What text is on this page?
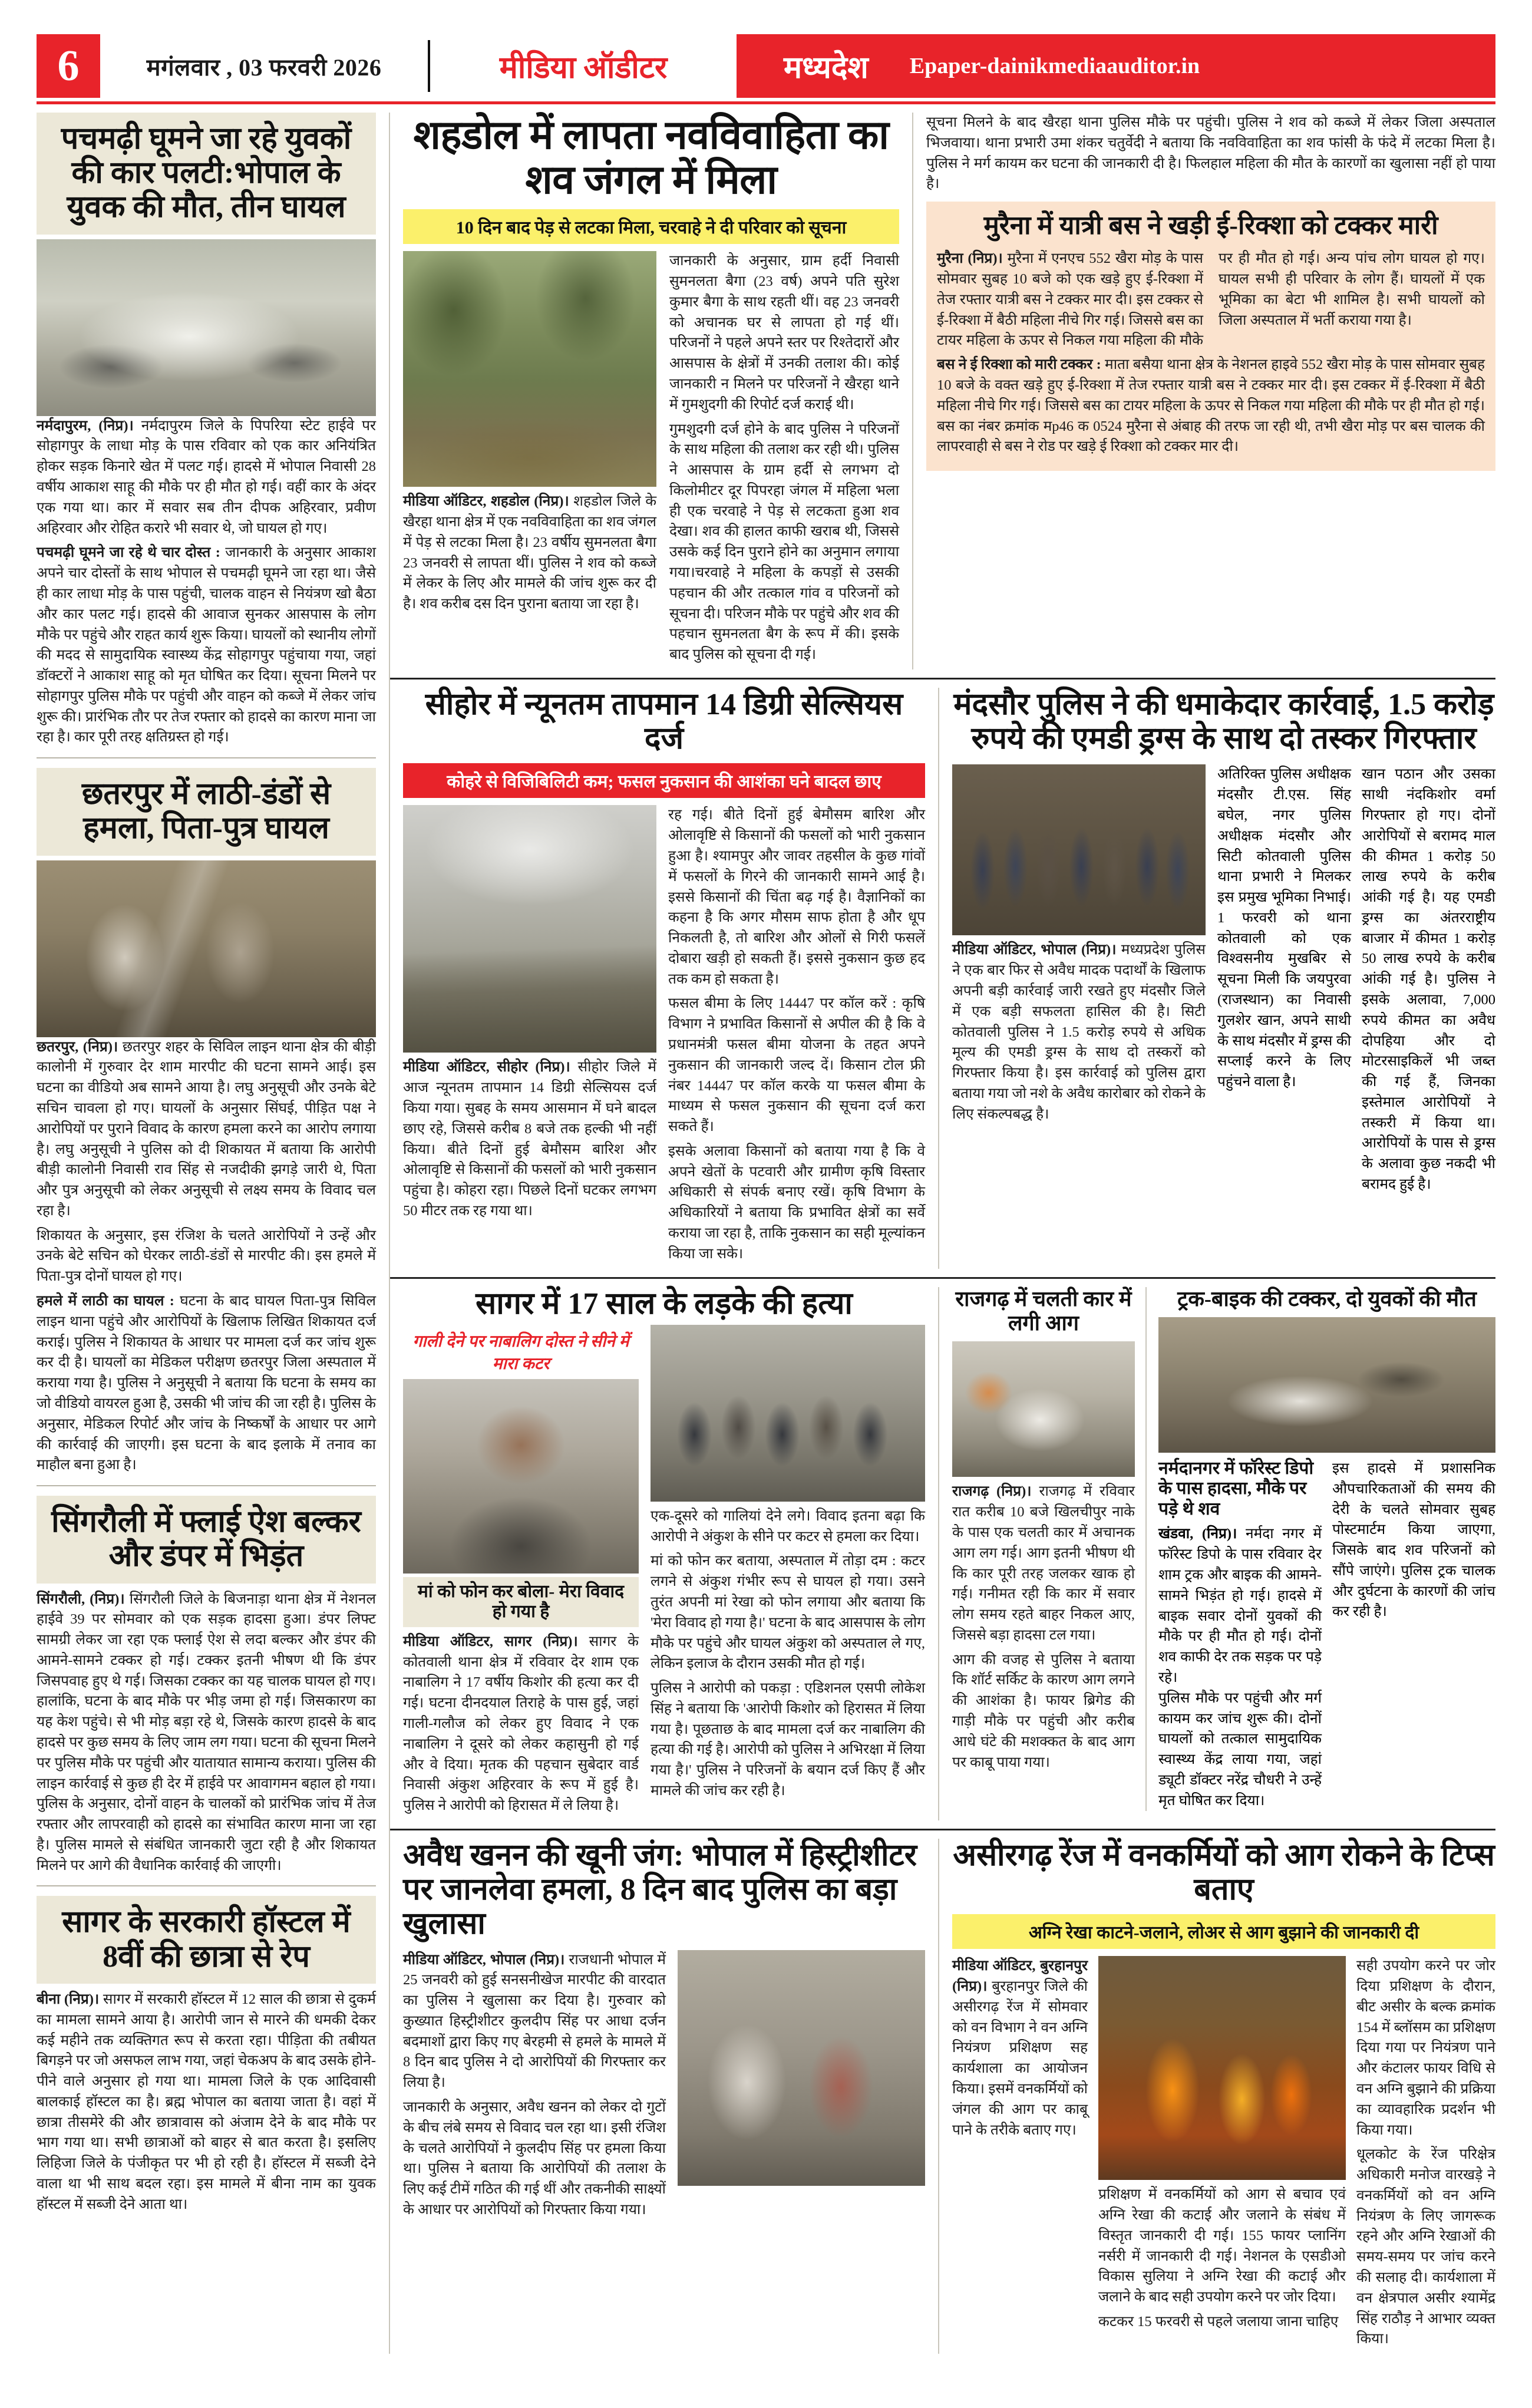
6	मगंलवार , 03 फरवरी 2026	मीडिया ऑडीटर	मध्यदेश Epaper-dainikmediaauditor.in
पचमढ़ी घूमने जा रहे युवकों की कार पलटी:भोपाल के युवक की मौत, तीन घायल

नर्मदापुरम, (निप्र)। नर्मदापुरम जिले के पिपरिया स्टेट हाईवे पर सोहागपुर के लाधा मोड़ के पास रविवार को एक कार अनियंत्रित होकर सड़क किनारे खेत में पलट गई। हादसे में भोपाल निवासी 28 वर्षीय आकाश साहू की मौके पर ही मौत हो गई। वहीं कार के अंदर एक गया था। कार में सवार सब तीन दीपक अहिरवार, प्रवीण अहिरवार और रोहित करारे भी सवार थे, जो घायल हो गए।

पचमढ़ी घूमने जा रहे थे चार दोस्त : जानकारी के अनुसार आकाश अपने चार दोस्तों के साथ भोपाल से पचमढ़ी घूमने जा रहा था। जैसे ही कार लाधा मोड़ के पास पहुंची, चालक वाहन से नियंत्रण खो बैठा और कार पलट गई। हादसे की आवाज सुनकर आसपास के लोग मौके पर पहुंचे और राहत कार्य शुरू किया। घायलों को स्थानीय लोगों की मदद से सामुदायिक स्वास्थ्य केंद्र सोहागपुर पहुंचाया गया, जहां डॉक्टरों ने आकाश साहू को मृत घोषित कर दिया। सूचना मिलने पर सोहागपुर पुलिस मौके पर पहुंची और वाहन को कब्जे में लेकर जांच शुरू की। प्रारंभिक तौर पर तेज रफ्तार को हादसे का कारण माना जा रहा है। कार पूरी तरह क्षतिग्रस्त हो गई।

छतरपुर में लाठी-डंडों से हमला, पिता-पुत्र घायल

छतरपुर, (निप्र)। छतरपुर शहर के सिविल लाइन थाना क्षेत्र की बीड़ी कालोनी में गुरुवार देर शाम मारपीट की घटना सामने आई। इस घटना का वीडियो अब सामने आया है। लघु अनुसूची और उनके बेटे सचिन चावला हो गए। घायलों के अनुसार सिंघई, पीड़ित पक्ष ने आरोपियों पर पुराने विवाद के कारण हमला करने का आरोप लगाया है। लघु अनुसूची ने पुलिस को दी शिकायत में बताया कि आरोपी बीड़ी कालोनी निवासी राव सिंह से नजदीकी झगड़े जारी थे, पिता और पुत्र अनुसूची को लेकर अनुसूची से लक्ष्य समय के विवाद चल रहा है।

शिकायत के अनुसार, इस रंजिश के चलते आरोपियों ने उन्हें और उनके बेटे सचिन को घेरकर लाठी-डंडों से मारपीट की। इस हमले में पिता-पुत्र दोनों घायल हो गए।

हमले में लाठी का घायल : घटना के बाद घायल पिता-पुत्र सिविल लाइन थाना पहुंचे और आरोपियों के खिलाफ लिखित शिकायत दर्ज कराई। पुलिस ने शिकायत के आधार पर मामला दर्ज कर जांच शुरू कर दी है। घायलों का मेडिकल परीक्षण छतरपुर जिला अस्पताल में कराया गया है। पुलिस ने अनुसूची ने बताया कि घटना के समय का जो वीडियो वायरल हुआ है, उसकी भी जांच की जा रही है। पुलिस के अनुसार, मेडिकल रिपोर्ट और जांच के निष्कर्षों के आधार पर आगे की कार्रवाई की जाएगी। इस घटना के बाद इलाके में तनाव का माहौल बना हुआ है।

सिंगरौली में फ्लाई ऐश बल्कर और डंपर में भिड़ंत

सिंगरौली, (निप्र)। सिंगरौली जिले के बिजनाड़ा थाना क्षेत्र में नेशनल हाईवे 39 पर सोमवार को एक सड़क हादसा हुआ। डंपर लिफ्ट सामग्री लेकर जा रहा एक फ्लाई ऐश से लदा बल्कर और डंपर की आमने-सामने टक्कर हो गई। टक्कर इतनी भीषण थी कि डंपर जिसपवाह हुए थे गई। जिसका टक्कर का यह चालक घायल हो गए। हालांकि, घटना के बाद मौके पर भीड़ जमा हो गई। जिसकारण का यह केश पहुंचे। से भी मोड़ बड़ा रहे थे, जिसके कारण हादसे के बाद हादसे पर कुछ समय के लिए जाम लग गया। घटना की सूचना मिलने पर पुलिस मौके पर पहुंची और यातायात सामान्य कराया। पुलिस की लाइन कार्रवाई से कुछ ही देर में हाईवे पर आवागमन बहाल हो गया। पुलिस के अनुसार, दोनों वाहन के चालकों को प्रारंभिक जांच में तेज रफ्तार और लापरवाही को हादसे का संभावित कारण माना जा रहा है। पुलिस मामले से संबंधित जानकारी जुटा रही है और शिकायत मिलने पर आगे की वैधानिक कार्रवाई की जाएगी।

सागर के सरकारी हॉस्टल में 8वीं की छात्रा से रेप

बीना (निप्र)। सागर में सरकारी हॉस्टल में 12 साल की छात्रा से दुकर्म का मामला सामने आया है। आरोपी जान से मारने की धमकी देकर कई महीने तक व्यक्तिगत रूप से करता रहा। पीड़िता की तबीयत बिगड़ने पर जो असफल लाभ गया, जहां चेकअप के बाद उसके होने-पीने वाले अनुसार हो गया था। मामला जिले के एक आदिवासी बालकाई हॉस्टल का है। ब्रह्म भोपाल का बताया जाता है। वहां में छात्रा तीसमेरे की और छात्रावास को अंजाम देने के बाद मौके पर भाग गया था। सभी छात्राओं को बाहर से बात करता है। इसलिए लिहिजा जिले के पंजीकृत पर भी हो रही है। हॉस्टल में सब्जी देने वाला था भी साथ बदल रहा। इस मामले में बीना नाम का युवक हॉस्टल में सब्जी देने आता था।

शहडोल में लापता नवविवाहिता का शव जंगल में मिला
10 दिन बाद पेड़ से लटका मिला, चरवाहे ने दी परिवार को सूचना

मीडिया ऑडिटर, शहडोल (निप्र)। शहडोल जिले के खैरहा थाना क्षेत्र में एक नवविवाहिता का शव जंगल में पेड़ से लटका मिला है। 23 वर्षीय सुमनलता बैगा 23 जनवरी से लापता थीं। पुलिस ने शव को कब्जे में लेकर के लिए और मामले की जांच शुरू कर दी है। शव करीब दस दिन पुराना बताया जा रहा है।

जानकारी के अनुसार, ग्राम हर्दी निवासी सुमनलता बैगा (23 वर्ष) अपने पति सुरेश कुमार बैगा के साथ रहती थीं। वह 23 जनवरी को अचानक घर से लापता हो गई थीं। परिजनों ने पहले अपने स्तर पर रिश्तेदारों और आसपास के क्षेत्रों में उनकी तलाश की। कोई जानकारी न मिलने पर परिजनों ने खैरहा थाने में गुमशुदगी की रिपोर्ट दर्ज कराई थी।

गुमशुदगी दर्ज होने के बाद पुलिस ने परिजनों के साथ महिला की तलाश कर रही थी। पुलिस ने आसपास के ग्राम हर्दी से लगभग दो किलोमीटर दूर पिपरहा जंगल में महिला भला ही एक चरवाहे ने पेड़ से लटकता हुआ शव देखा। शव की हालत काफी खराब थी, जिससे उसके कई दिन पुराने होने का अनुमान लगाया गया।चरवाहे ने महिला के कपड़ों से उसकी पहचान की और तत्काल गांव व परिजनों को सूचना दी। परिजन मौके पर पहुंचे और शव की पहचान सुमनलता बैग के रूप में की। इसके बाद पुलिस को सूचना दी गई।

सूचना मिलने के बाद खैरहा थाना पुलिस मौके पर पहुंची। पुलिस ने शव को कब्जे में लेकर जिला अस्पताल भिजवाया। थाना प्रभारी उमा शंकर चतुर्वेदी ने बताया कि नवविवाहिता का शव फांसी के फंदे में लटका मिला है। पुलिस ने मर्ग कायम कर घटना की जानकारी दी है। फिलहाल महिला की मौत के कारणों का खुलासा नहीं हो पाया है।

मुरैना में यात्री बस ने खड़ी ई-रिक्शा को टक्कर मारी

मुरैना (निप्र)। मुरैना में एनएच 552 खैरा मोड़ के पास सोमवार सुबह 10 बजे को एक खड़े हुए ई-रिक्शा में तेज रफ्तार यात्री बस ने टक्कर मार दी। इस टक्कर से ई-रिक्शा में बैठी महिला नीचे गिर गई। जिससे बस का टायर महिला के ऊपर से निकल गया महिला की मौके पर ही मौत हो गई। अन्य पांच लोग घायल हो गए। घायल सभी ही परिवार के लोग हैं। घायलों में एक भूमिका का बेटा भी शामिल है। सभी घायलों को जिला अस्पताल में भर्ती कराया गया है।

बस ने ई रिक्शा को मारी टक्कर : माता बसैया थाना क्षेत्र के नेशनल हाइवे 552 खैरा मोड़ के पास सोमवार सुबह 10 बजे के वक्त खड़े हुए ई-रिक्शा में तेज रफ्तार यात्री बस ने टक्कर मार दी। इस टक्कर में ई-रिक्शा में बैठी महिला नीचे गिर गई। जिससे बस का टायर महिला के ऊपर से निकल गया महिला की मौके पर ही मौत हो गई।बस का नंबर क्रमांक मp46 क 0524 मुरैना से अंबाह की तरफ जा रही थी, तभी खैरा मोड़ पर बस चालक की लापरवाही से बस ने रोड पर खड़े ई रिक्शा को टक्कर मार दी।

सीहोर में न्यूनतम तापमान 14 डिग्री सेल्सियस दर्ज
कोहरे से विजिबिलिटी कम; फसल नुकसान की आशंका घने बादल छाए

मीडिया ऑडिटर, सीहोर (निप्र)। सीहोर जिले में आज न्यूनतम तापमान 14 डिग्री सेल्सियस दर्ज किया गया। सुबह के समय आसमान में घने बादल छाए रहे, जिससे करीब 8 बजे तक हल्की भी नहीं किया। बीते दिनों हुई बेमौसम बारिश और ओलावृष्टि से किसानों की फसलों को भारी नुकसान पहुंचा है। कोहरा रहा। पिछले दिनों घटकर लगभग 50 मीटर तक रह गया था।

रह गई। बीते दिनों हुई बेमौसम बारिश और ओलावृष्टि से किसानों की फसलों को भारी नुकसान हुआ है। श्यामपुर और जावर तहसील के कुछ गांवों में फसलों के गिरने की जानकारी सामने आई है। इससे किसानों की चिंता बढ़ गई है। वैज्ञानिकों का कहना है कि अगर मौसम साफ होता है और धूप निकलती है, तो बारिश और ओलों से गिरी फसलें दोबारा खड़ी हो सकती हैं। इससे नुकसान कुछ हद तक कम हो सकता है।

फसल बीमा के लिए 14447 पर कॉल करें : कृषि विभाग ने प्रभावित किसानों से अपील की है कि वे प्रधानमंत्री फसल बीमा योजना के तहत अपने नुकसान की जानकारी जल्द दें। किसान टोल फ्री नंबर 14447 पर कॉल करके या फसल बीमा के माध्यम से फसल नुकसान की सूचना दर्ज करा सकते हैं।

इसके अलावा किसानों को बताया गया है कि वे अपने खेतों के पटवारी और ग्रामीण कृषि विस्तार अधिकारी से संपर्क बनाए रखें। कृषि विभाग के अधिकारियों ने बताया कि प्रभावित क्षेत्रों का सर्वे कराया जा रहा है, ताकि नुकसान का सही मूल्यांकन किया जा सके।

मंदसौर पुलिस ने की धमाकेदार कार्रवाई, 1.5 करोड़ रुपये की एमडी ड्रग्स के साथ दो तस्कर गिरफ्तार

मीडिया ऑडिटर, भोपाल (निप्र)। मध्यप्रदेश पुलिस ने एक बार फिर से अवैध मादक पदार्थों के खिलाफ अपनी बड़ी कार्रवाई जारी रखते हुए मंदसौर जिले में एक बड़ी सफलता हासिल की है। सिटी कोतवाली पुलिस ने 1.5 करोड़ रुपये से अधिक मूल्य की एमडी ड्रग्स के साथ दो तस्करों को गिरफ्तार किया है। इस कार्रवाई को पुलिस द्वारा बताया गया जो नशे के अवैध कारोबार को रोकने के लिए संकल्पबद्ध है।

अतिरिक्त पुलिस अधीक्षक मंदसौर टी.एस. सिंह बघेल, नगर पुलिस अधीक्षक मंदसौर और सिटी कोतवाली पुलिस थाना प्रभारी ने मिलकर इस प्रमुख भूमिका निभाई। 1 फरवरी को थाना कोतवाली को एक विश्वसनीय मुखबिर से सूचना मिली कि जयपुरवा (राजस्थान) का निवासी गुलशेर खान, अपने साथी के साथ मंदसौर में ड्रग्स की सप्लाई करने के लिए पहुंचने वाला है।

खान पठान और उसका साथी नंदकिशोर वर्मा गिरफ्तार हो गए। दोनों आरोपियों से बरामद माल की कीमत 1 करोड़ 50 लाख रुपये के करीब आंकी गई है। यह एमडी ड्रग्स का अंतरराष्ट्रीय बाजार में कीमत 1 करोड़ 50 लाख रुपये के करीब आंकी गई है। पुलिस ने इसके अलावा, 7,000 रुपये कीमत का अवैध दोपहिया और दो मोटरसाइकिलें भी जब्त की गई हैं, जिनका इस्तेमाल आरोपियों ने तस्करी में किया था। आरोपियों के पास से ड्रग्स के अलावा कुछ नकदी भी बरामद हुई है।

सागर में 17 साल के लड़के की हत्या
गाली देने पर नाबालिग दोस्त ने सीने में मारा कटर
मां को फोन कर बोला- मेरा विवाद हो गया है

मीडिया ऑडिटर, सागर (निप्र)। सागर के कोतवाली थाना क्षेत्र में रविवार देर शाम एक नाबालिग ने 17 वर्षीय किशोर की हत्या कर दी गई। घटना दीनदयाल तिराहे के पास हुई, जहां गाली-गलौज को लेकर हुए विवाद ने एक नाबालिग ने दूसरे को लेकर कहासुनी हो गई और वे दिया। मृतक की पहचान सुबेदार वार्ड निवासी अंकुश अहिरवार के रूप में हुई है। पुलिस ने आरोपी को हिरासत में ले लिया है।

एक-दूसरे को गालियां देने लगे। विवाद इतना बढ़ा कि आरोपी ने अंकुश के सीने पर कटर से हमला कर दिया।

मां को फोन कर बताया, अस्पताल में तोड़ा दम : कटर लगने से अंकुश गंभीर रूप से घायल हो गया। उसने तुरंत अपनी मां रेखा को फोन लगाया और बताया कि 'मेरा विवाद हो गया है।' घटना के बाद आसपास के लोग मौके पर पहुंचे और घायल अंकुश को अस्पताल ले गए, लेकिन इलाज के दौरान उसकी मौत हो गई।

पुलिस ने आरोपी को पकड़ा : एडिशनल एसपी लोकेश सिंह ने बताया कि 'आरोपी किशोर को हिरासत में लिया गया है। पूछताछ के बाद मामला दर्ज कर नाबालिग की हत्या की गई है। आरोपी को पुलिस ने अभिरक्षा में लिया गया है।' पुलिस ने परिजनों के बयान दर्ज किए हैं और मामले की जांच कर रही है।

राजगढ़ में चलती कार में लगी आग

राजगढ़ (निप्र)। राजगढ़ में रविवार रात करीब 10 बजे खिलचीपुर नाके के पास एक चलती कार में अचानक आग लग गई। आग इतनी भीषण थी कि कार पूरी तरह जलकर खाक हो गई। गनीमत रही कि कार में सवार लोग समय रहते बाहर निकल आए, जिससे बड़ा हादसा टल गया।

आग की वजह से पुलिस ने बताया कि शॉर्ट सर्किट के कारण आग लगने की आशंका है। फायर ब्रिगेड की गाड़ी मौके पर पहुंची और करीब आधे घंटे की मशक्कत के बाद आग पर काबू पाया गया।

ट्रक-बाइक की टक्कर, दो युवकों की मौत
नर्मदानगर में फॉरेस्ट डिपो के पास हादसा, मौके पर पड़े थे शव

खंडवा, (निप्र)। नर्मदा नगर में फॉरेस्ट डिपो के पास रविवार देर शाम ट्रक और बाइक की आमने-सामने भिड़ंत हो गई। हादसे में बाइक सवार दोनों युवकों की मौके पर ही मौत हो गई। दोनों शव काफी देर तक सड़क पर पड़े रहे।

पुलिस मौके पर पहुंची और मर्ग कायम कर जांच शुरू की। दोनों घायलों को तत्काल सामुदायिक स्वास्थ्य केंद्र लाया गया, जहां ड्यूटी डॉक्टर नरेंद्र चौधरी ने उन्हें मृत घोषित कर दिया।

इस हादसे में प्रशासनिक औपचारिकताओं की समय की देरी के चलते सोमवार सुबह पोस्टमार्टम किया जाएगा, जिसके बाद शव परिजनों को सौंपे जाएंगे। पुलिस ट्रक चालक और दुर्घटना के कारणों की जांच कर रही है।

अवैध खनन की खूनी जंग: भोपाल में हिस्ट्रीशीटर पर जानलेवा हमला, 8 दिन बाद पुलिस का बड़ा खुलासा

मीडिया ऑडिटर, भोपाल (निप्र)। राजधानी भोपाल में 25 जनवरी को हुई सनसनीखेज मारपीट की वारदात का पुलिस ने खुलासा कर दिया है। गुरुवार को कुख्यात हिस्ट्रीशीटर कुलदीप सिंह पर आधा दर्जन बदमाशों द्वारा किए गए बेरहमी से हमले के मामले में 8 दिन बाद पुलिस ने दो आरोपियों की गिरफ्तार कर लिया है।

जानकारी के अनुसार, अवैध खनन को लेकर दो गुटों के बीच लंबे समय से विवाद चल रहा था। इसी रंजिश के चलते आरोपियों ने कुलदीप सिंह पर हमला किया था। पुलिस ने बताया कि आरोपियों की तलाश के लिए कई टीमें गठित की गई थीं और तकनीकी साक्ष्यों के आधार पर आरोपियों को गिरफ्तार किया गया।

असीरगढ़ रेंज में वनकर्मियों को आग रोकने के टिप्स बताए
अग्नि रेखा काटने-जलाने, लोअर से आग बुझाने की जानकारी दी

मीडिया ऑडिटर, बुरहानपुर (निप्र)। बुरहानपुर जिले की असीरगढ़ रेंज में सोमवार को वन विभाग ने वन अग्नि नियंत्रण प्रशिक्षण सह कार्यशाला का आयोजन किया। इसमें वनकर्मियों को जंगल की आग पर काबू पाने के तरीके बताए गए।

प्रशिक्षण में वनकर्मियों को आग से बचाव एवं अग्नि रेखा की कटाई और जलाने के संबंध में विस्तृत जानकारी दी गई। 155 फायर प्लानिंग नर्सरी में जानकारी दी गई। नेशनल के एसडीओ विकास सुलिया ने अग्नि रेखा की कटाई और जलाने के बाद सही उपयोग करने पर जोर दिया।

कटकर 15 फरवरी से पहले जलाया जाना चाहिए

सही उपयोग करने पर जोर दिया प्रशिक्षण के दौरान, बीट असीर के बल्क क्रमांक 154 में ब्लॉसम का प्रशिक्षण दिया गया पर नियंत्रण पाने और कंटालर फायर विधि से वन अग्नि बुझाने की प्रक्रिया का व्यावहारिक प्रदर्शन भी किया गया।

धूलकोट के रेंज परिक्षेत्र अधिकारी मनोज वारखड़े ने वनकर्मियों को वन अग्नि नियंत्रण के लिए जागरूक रहने और अग्नि रेखाओं की समय-समय पर जांच करने की सलाह दी। कार्यशाला में वन क्षेत्रपाल असीर श्यामेंद्र सिंह राठौड़ ने आभार व्यक्त किया।
